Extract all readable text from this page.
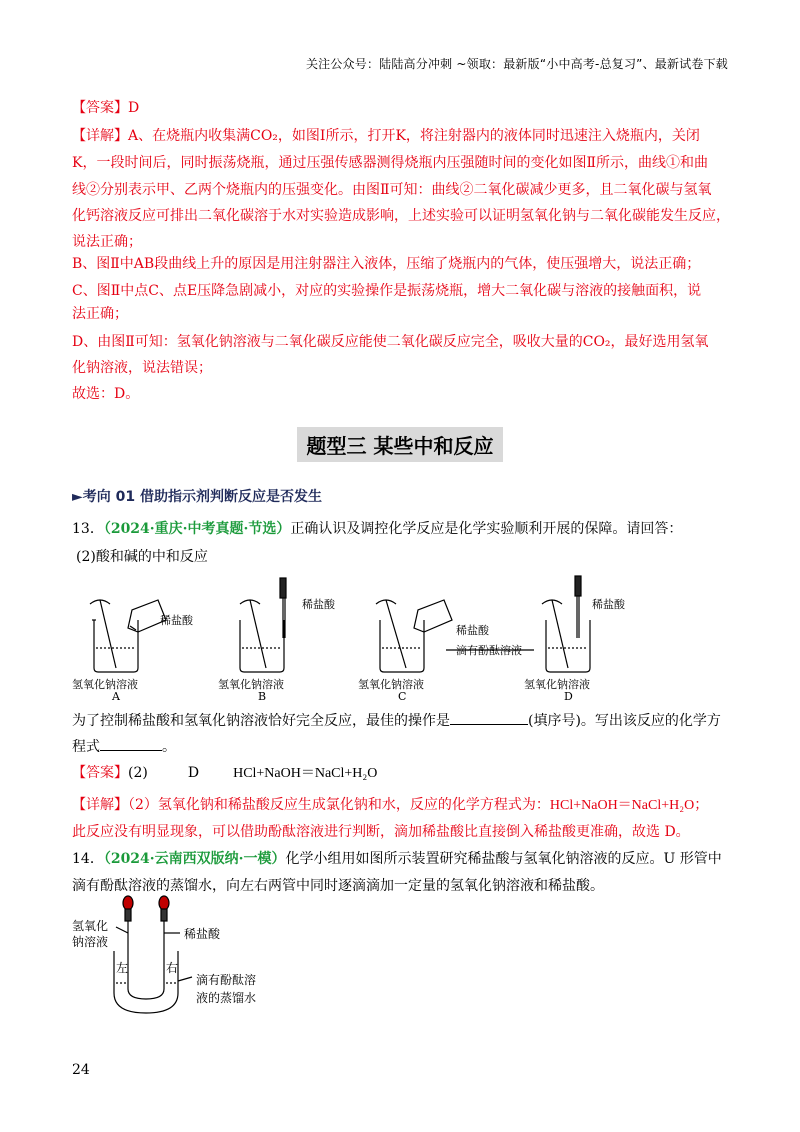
关注公众号：陆陆高分冲刺 ~领取：最新版“小中高考-总复习”、最新试卷下载
【答案】D
【详解】A、在烧瓶内收集满CO₂，如图Ⅰ所示，打开K，将注射器内的液体同时迅速注入烧瓶内，关闭
K，一段时间后，同时振荡烧瓶，通过压强传感器测得烧瓶内压强随时间的变化如图Ⅱ所示，曲线①和曲
线②分别表示甲、乙两个烧瓶内的压强变化。由图Ⅱ可知：曲线②二氧化碳减少更多，且二氧化碳与氢氧
化钙溶液反应可排出二氧化碳溶于水对实验造成影响，上述实验可以证明氢氧化钠与二氧化碳能发生反应，
说法正确；
B、图Ⅱ中AB段曲线上升的原因是用注射器注入液体，压缩了烧瓶内的气体，使压强增大，说法正确；
C、图Ⅱ中点C、点E压降急剧减小，对应的实验操作是振荡烧瓶，增大二氧化碳与溶液的接触面积，说
法正确；
D、由图Ⅱ可知：氢氧化钠溶液与二氧化碳反应能使二氧化碳反应完全，吸收大量的CO₂，最好选用氢氧
化钠溶液，说法错误；
故选：D。
题型三 某些中和反应
►考向 01 借助指示剂判断反应是否发生
13．（2024·重庆·中考真题·节选）正确认识及调控化学反应是化学实验顺利开展的保障。请回答：
(2)酸和碱的中和反应
稀盐酸
稀盐酸
稀盐酸
稀盐酸
滴有酚酞溶液
氢氧化钠溶液	氢氧化钠溶液	氢氧化钠溶液	氢氧化钠溶液
A	B	C	D
为了控制稀盐酸和氢氧化钠溶液恰好完全反应，最佳的操作是	(填序号)。写出该反应的化学方
程式	。
【答案】(2)	D HCl+NaOH＝NaCl+H₂O
【详解】（2）氢氧化钠和稀盐酸反应生成氯化钠和水，反应的化学方程式为：HCl+NaOH＝NaCl+H₂O；
此反应没有明显现象，可以借助酚酞溶液进行判断，滴加稀盐酸比直接倒入稀盐酸更准确，故选 D。
14．（2024·云南西双版纳·一模）化学小组用如图所示装置研究稀盐酸与氢氧化钠溶液的反应。U 形管中
滴有酚酞溶液的蒸馏水，向左右两管中同时逐滴滴加一定量的氢氧化钠溶液和稀盐酸。
氢氧化
钠溶液
稀盐酸
左	右
滴有酚酞溶
液的蒸馏水
24
